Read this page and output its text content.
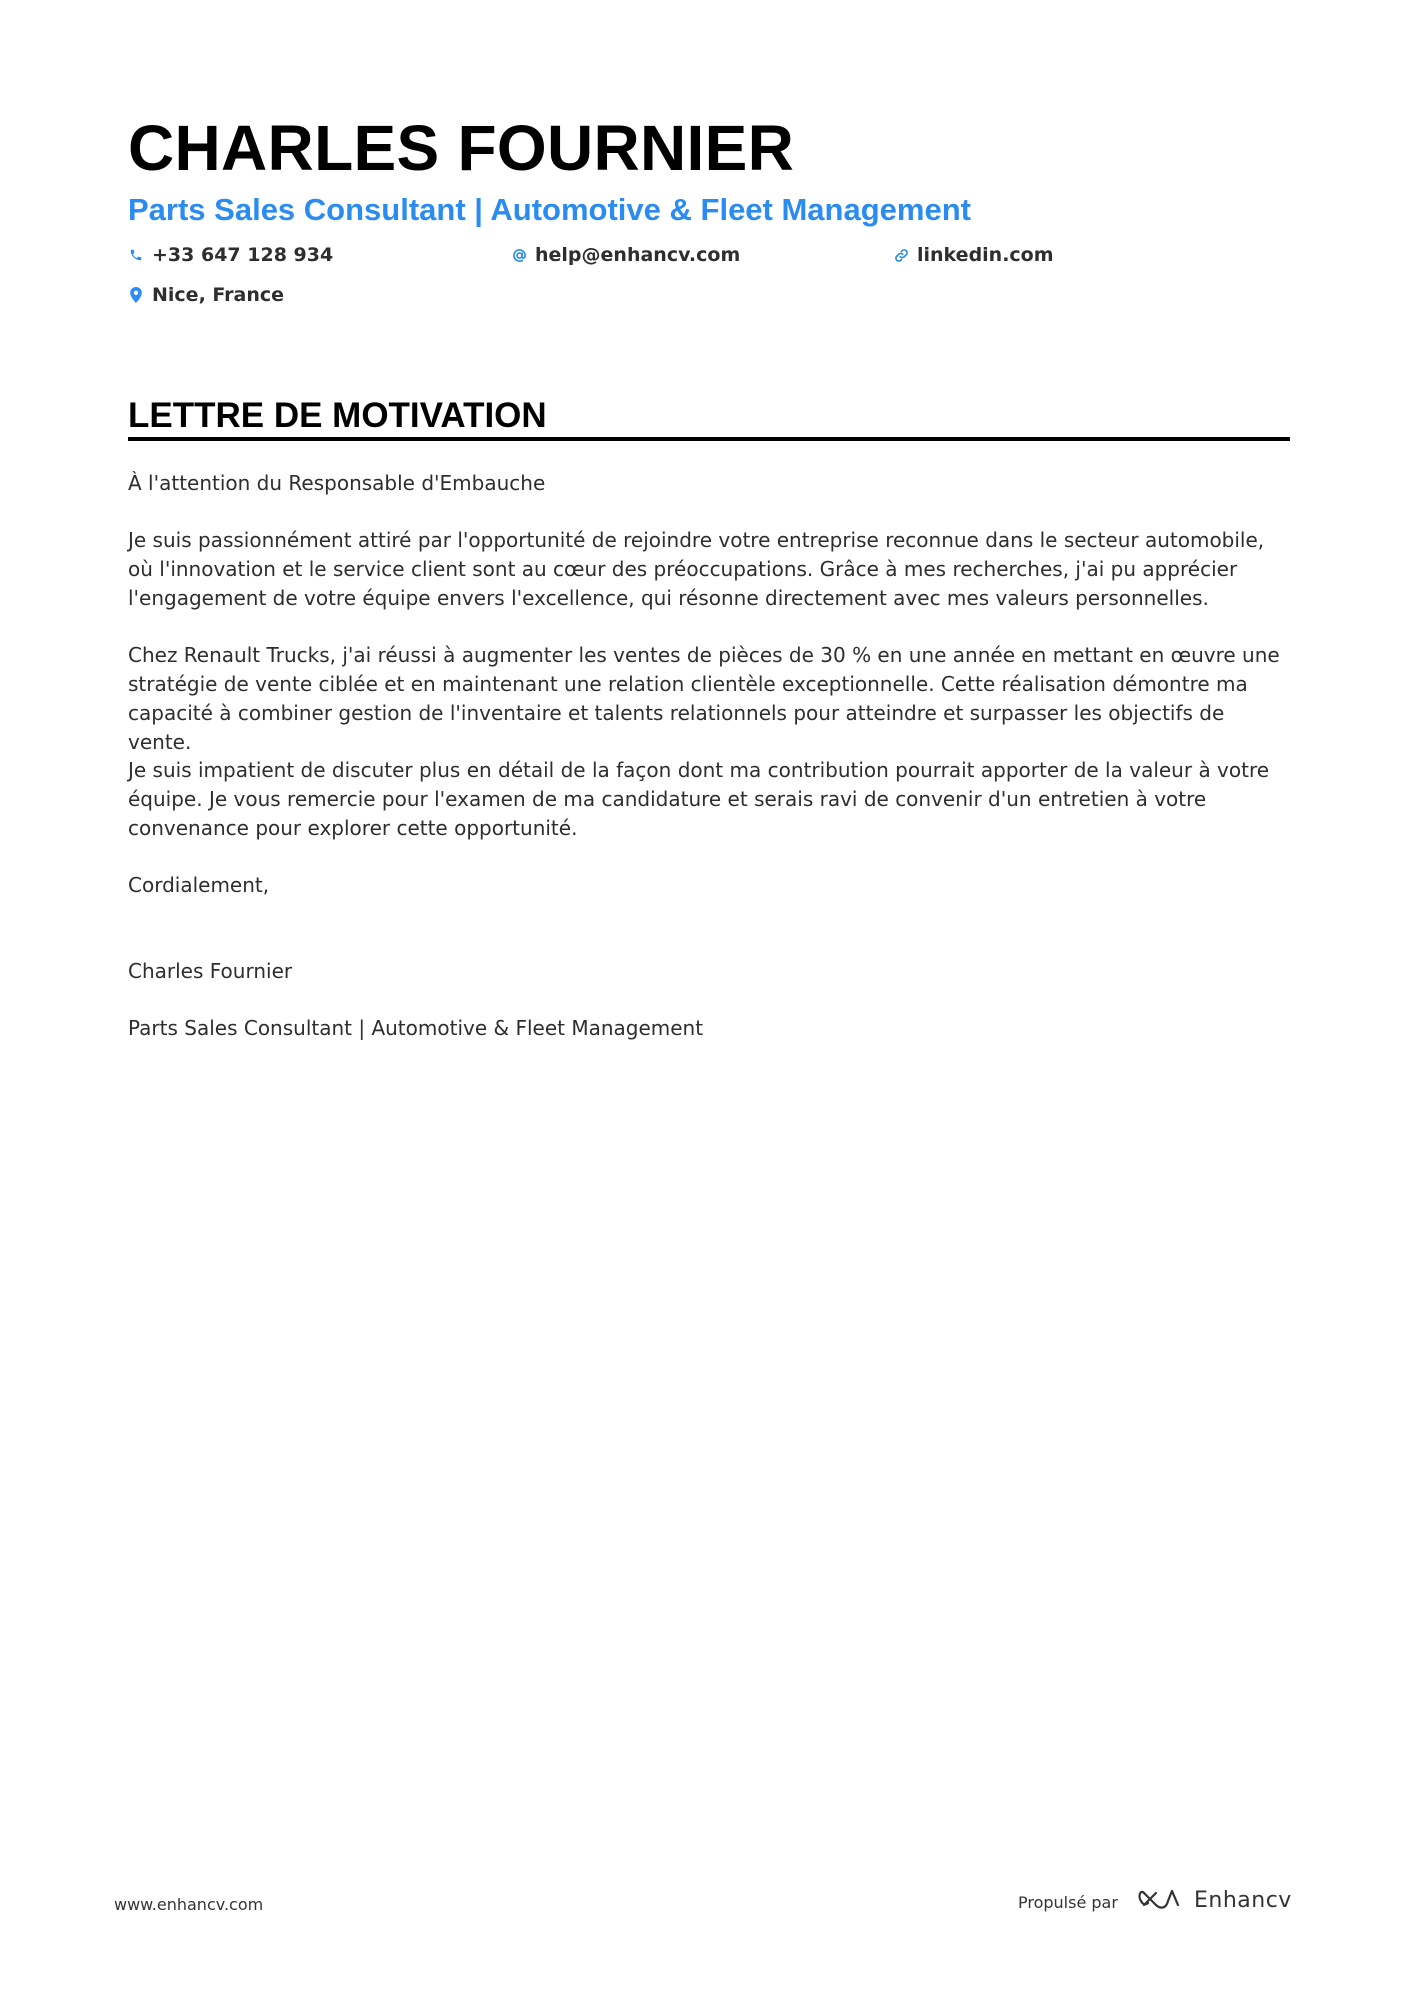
CHARLES FOURNIER
Parts Sales Consultant | Automotive & Fleet Management
+33 647 128 934	help@enhancv.com	linkedin.com
Nice, France
LETTRE DE MOTIVATION

À l'attention du Responsable d'Embauche

Je suis passionnément attiré par l'opportunité de rejoindre votre entreprise reconnue dans le secteur automobile, où l'innovation et le service client sont au cœur des préoccupations. Grâce à mes recherches, j'ai pu apprécier l'engagement de votre équipe envers l'excellence, qui résonne directement avec mes valeurs personnelles.

Chez Renault Trucks, j'ai réussi à augmenter les ventes de pièces de 30 % en une année en mettant en œuvre une stratégie de vente ciblée et en maintenant une relation clientèle exceptionnelle. Cette réalisation démontre ma capacité à combiner gestion de l'inventaire et talents relationnels pour atteindre et surpasser les objectifs de vente.

Je suis impatient de discuter plus en détail de la façon dont ma contribution pourrait apporter de la valeur à votre équipe. Je vous remercie pour l'examen de ma candidature et serais ravi de convenir d'un entretien à votre convenance pour explorer cette opportunité.

Cordialement,

Charles Fournier

Parts Sales Consultant | Automotive & Fleet Management

www.enhancv.com	Propulsé par	Enhancv
